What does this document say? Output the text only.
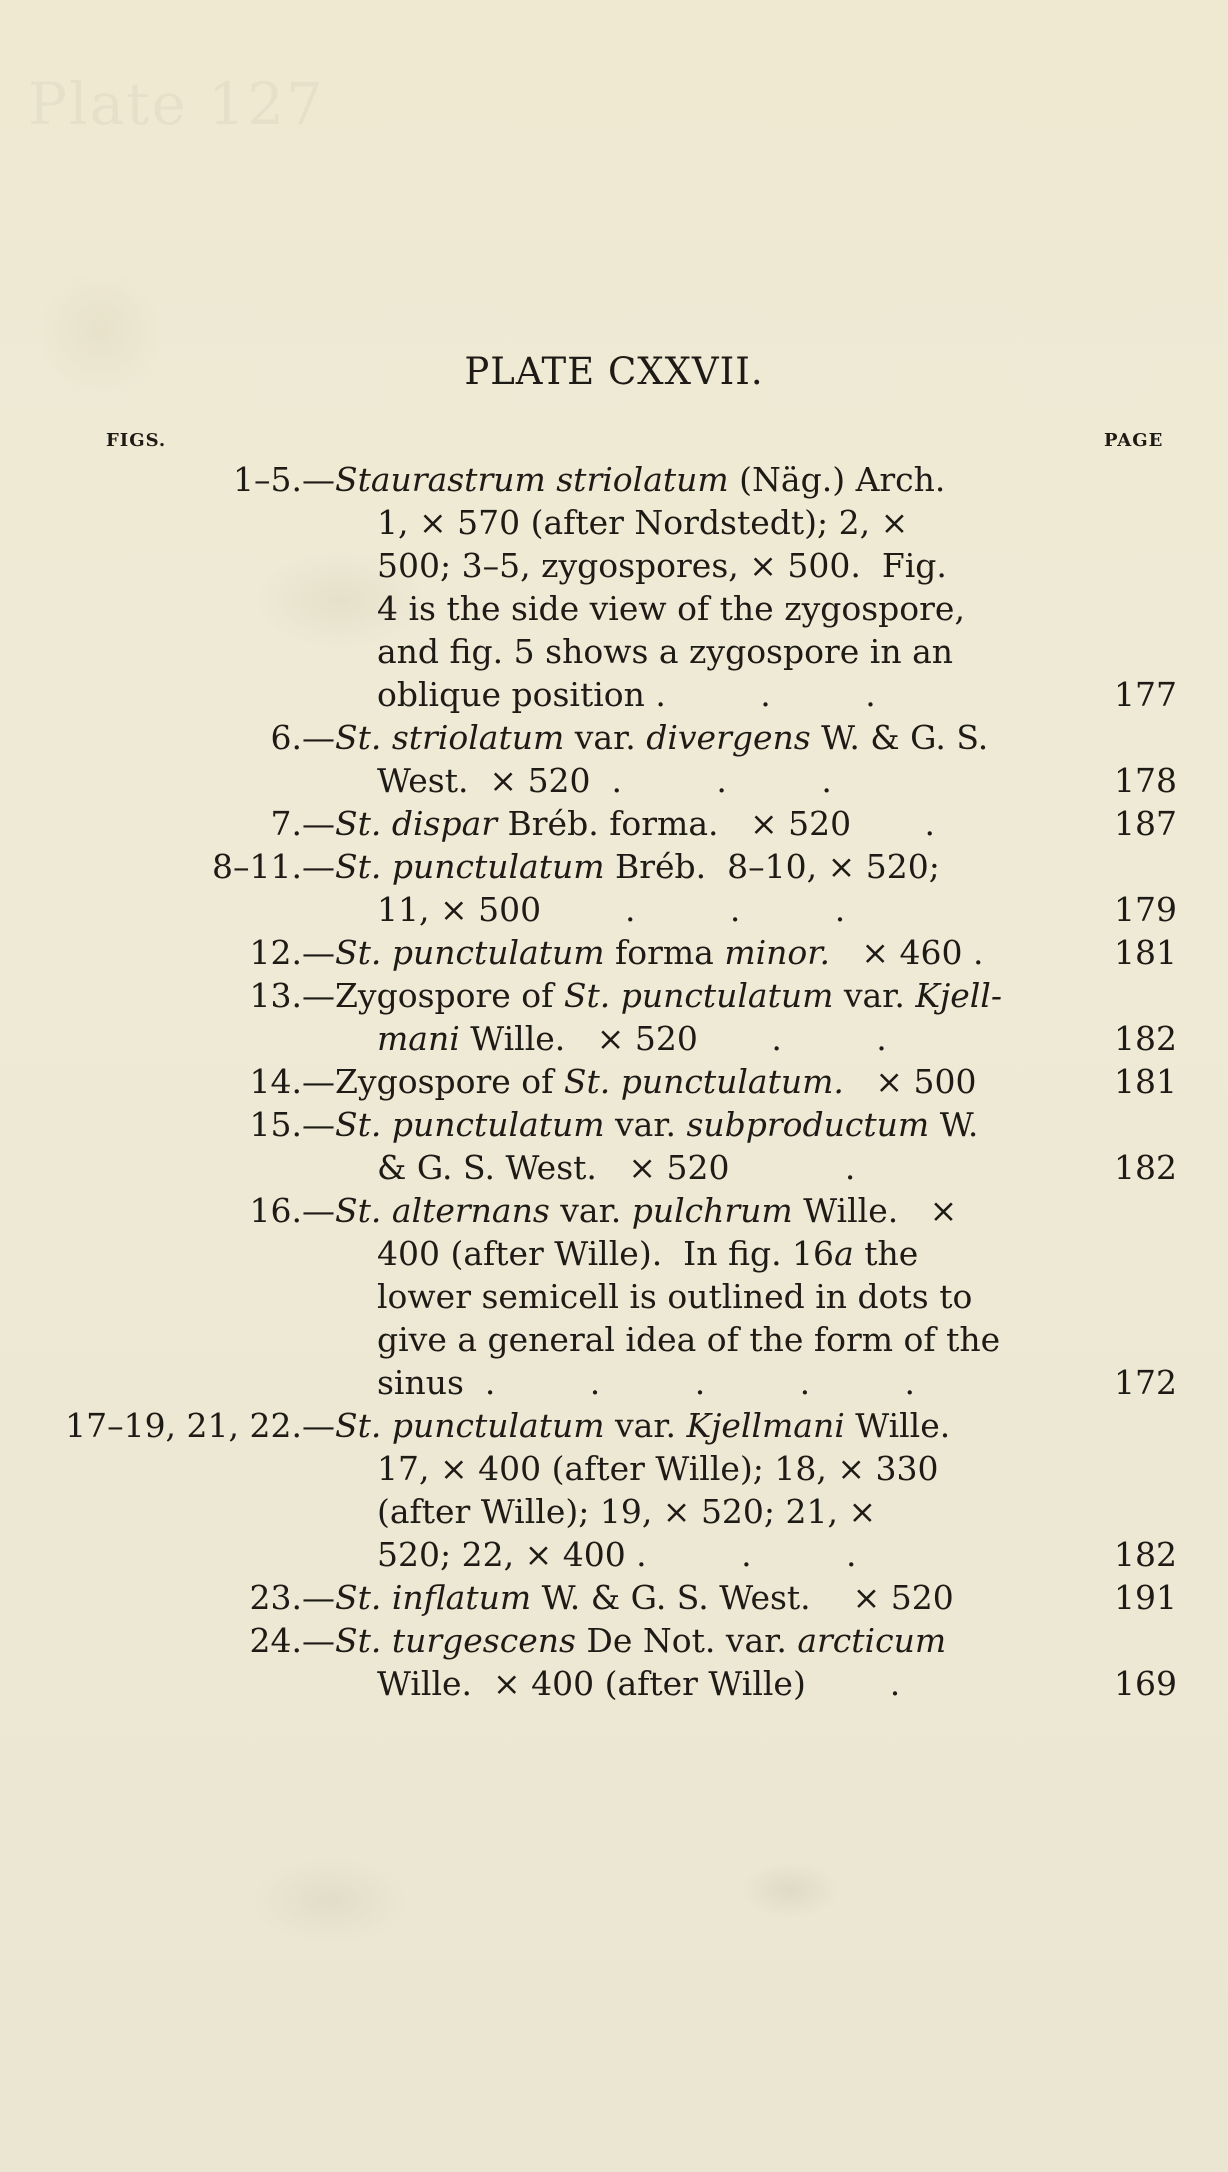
Plate 127
PLATE CXXVII.
FIGS.	PAGE
1–5.— Staurastrum striolatum (Näg.) Arch.
1, × 570 (after Nordstedt); 2, ×
500; 3–5, zygospores, × 500.  Fig.
4 is the side view of the zygospore,
and fig. 5 shows a zygospore in an
oblique position .         .         .	177
6.— St. striolatum var. divergens W. & G. S.
West.  × 520  .         .         .	178
7.— St. dispar Bréb. forma.   × 520       .	187
8–11.— St. punctulatum Bréb.  8–10, × 520;
11, × 500        .         .         .	179
12.— St. punctulatum forma minor.   × 460 .	181
13.— Zygospore of St. punctulatum var. Kjell-
mani Wille.   × 520       .         .	182
14.— Zygospore of St. punctulatum.   × 500	181
15.— St. punctulatum var. subproductum W.
& G. S. West.   × 520           .	182
16.— St. alternans var. pulchrum Wille.   ×
400 (after Wille).  In fig. 16a the
lower semicell is outlined in dots to
give a general idea of the form of the
sinus  .         .         .         .         .	172
17–19, 21, 22.— St. punctulatum var. Kjellmani Wille.
17, × 400 (after Wille); 18, × 330
(after Wille); 19, × 520; 21, ×
520; 22, × 400 .         .         .	182
23.— St. inflatum W. & G. S. West.    × 520	191
24.— St. turgescens De Not. var. arcticum
Wille.  × 400 (after Wille)        .	169
